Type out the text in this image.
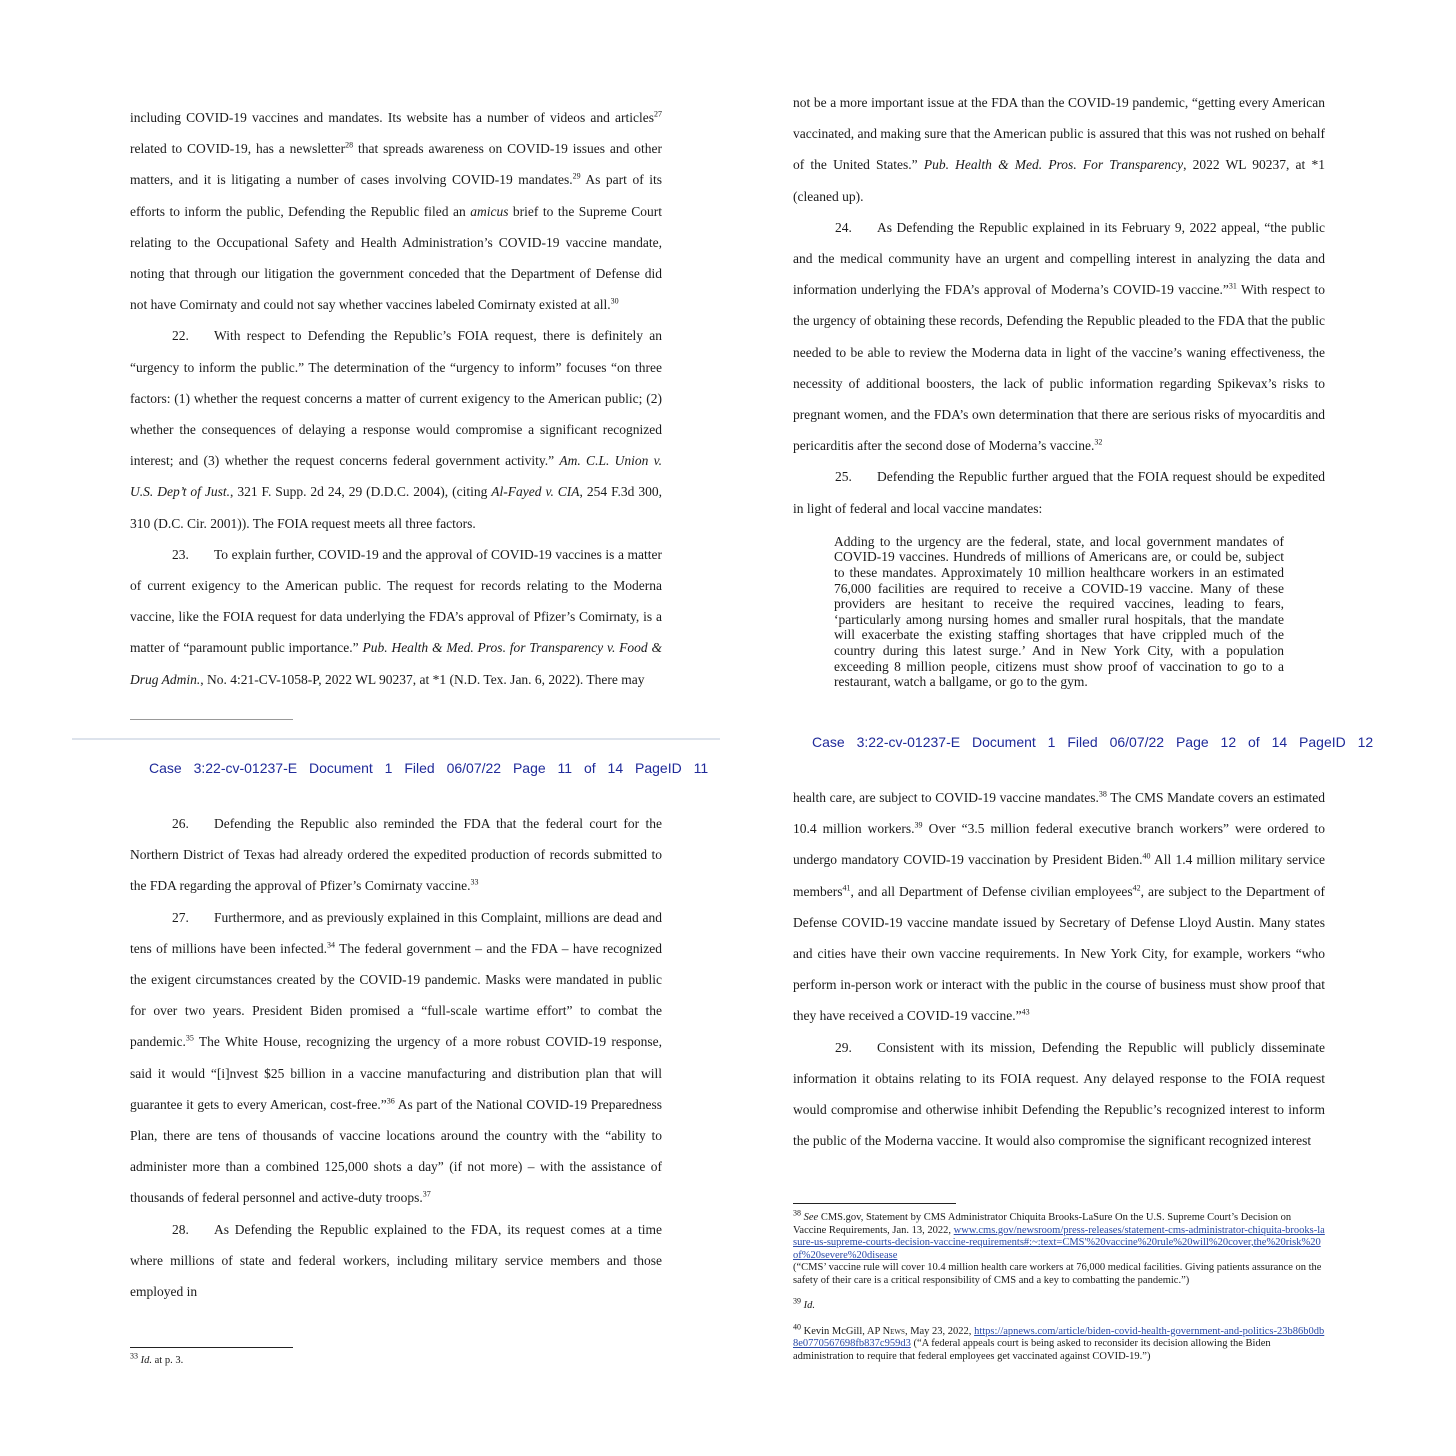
including COVID-19 vaccines and mandates. Its website has a number of videos and articles$^{27}$ related to COVID-19, has a newsletter$^{28}$ that spreads awareness on COVID-19 issues and other matters, and it is litigating a number of cases involving COVID-19 mandates.$^{29}$ As part of its efforts to inform the public, Defending the Republic filed an amicus brief to the Supreme Court relating to the Occupational Safety and Health Administration’s COVID-19 vaccine mandate, noting that through our litigation the government conceded that the Department of Defense did not have Comirnaty and could not say whether vaccines labeled Comirnaty existed at all.$^{30}$

22. With respect to Defending the Republic’s FOIA request, there is definitely an “urgency to inform the public.” The determination of the “urgency to inform” focuses “on three factors: (1) whether the request concerns a matter of current exigency to the American public; (2) whether the consequences of delaying a response would compromise a significant recognized interest; and (3) whether the request concerns federal government activity.” Am. C.L. Union v. U.S. Dep’t of Just., 321 F. Supp. 2d 24, 29 (D.D.C. 2004), (citing Al-Fayed v. CIA, 254 F.3d 300, 310 (D.C. Cir. 2001)). The FOIA request meets all three factors.

23. To explain further, COVID-19 and the approval of COVID-19 vaccines is a matter of current exigency to the American public. The request for records relating to the Moderna vaccine, like the FOIA request for data underlying the FDA’s approval of Pfizer’s Comirnaty, is a matter of “paramount public importance.” Pub. Health & Med. Pros. for Transparency v. Food & Drug Admin., No. 4:21-CV-1058-P, 2022 WL 90237, at *1 (N.D. Tex. Jan. 6, 2022). There may

not be a more important issue at the FDA than the COVID-19 pandemic, “getting every American vaccinated, and making sure that the American public is assured that this was not rushed on behalf of the United States.” Pub. Health & Med. Pros. For Transparency, 2022 WL 90237, at *1 (cleaned up).

24. As Defending the Republic explained in its February 9, 2022 appeal, “the public and the medical community have an urgent and compelling interest in analyzing the data and information underlying the FDA’s approval of Moderna’s COVID-19 vaccine.”$^{31}$ With respect to the urgency of obtaining these records, Defending the Republic pleaded to the FDA that the public needed to be able to review the Moderna data in light of the vaccine’s waning effectiveness, the necessity of additional boosters, the lack of public information regarding Spikevax’s risks to pregnant women, and the FDA’s own determination that there are serious risks of myocarditis and pericarditis after the second dose of Moderna’s vaccine.$^{32}$

25. Defending the Republic further argued that the FOIA request should be expedited in light of federal and local vaccine mandates:

Adding to the urgency are the federal, state, and local government mandates of COVID-19 vaccines. Hundreds of millions of Americans are, or could be, subject to these mandates. Approximately 10 million healthcare workers in an estimated 76,000 facilities are required to receive a COVID-19 vaccine. Many of these providers are hesitant to receive the required vaccines, leading to fears, ‘particularly among nursing homes and smaller rural hospitals, that the mandate will exacerbate the existing staffing shortages that have crippled much of the country during this latest surge.’ And in New York City, with a population exceeding 8 million people, citizens must show proof of vaccination to go to a restaurant, watch a ballgame, or go to the gym.

Case 3:22-cv-01237-E Document 1 Filed 06/07/22 Page 11 of 14 PageID 11
Case 3:22-cv-01237-E Document 1 Filed 06/07/22 Page 12 of 14 PageID 12

26. Defending the Republic also reminded the FDA that the federal court for the Northern District of Texas had already ordered the expedited production of records submitted to the FDA regarding the approval of Pfizer’s Comirnaty vaccine.$^{33}$

27. Furthermore, and as previously explained in this Complaint, millions are dead and tens of millions have been infected.$^{34}$ The federal government – and the FDA – have recognized the exigent circumstances created by the COVID-19 pandemic. Masks were mandated in public for over two years. President Biden promised a “full-scale wartime effort” to combat the pandemic.$^{35}$ The White House, recognizing the urgency of a more robust COVID-19 response, said it would “[i]nvest $25 billion in a vaccine manufacturing and distribution plan that will guarantee it gets to every American, cost-free.”$^{36}$ As part of the National COVID-19 Preparedness Plan, there are tens of thousands of vaccine locations around the country with the “ability to administer more than a combined 125,000 shots a day” (if not more) – with the assistance of thousands of federal personnel and active-duty troops.$^{37}$

28. As Defending the Republic explained to the FDA, its request comes at a time where millions of state and federal workers, including military service members and those employed in

$^{33}$ Id. at p. 3.

health care, are subject to COVID-19 vaccine mandates.$^{38}$ The CMS Mandate covers an estimated 10.4 million workers.$^{39}$ Over “3.5 million federal executive branch workers” were ordered to undergo mandatory COVID-19 vaccination by President Biden.$^{40}$ All 1.4 million military service members$^{41}$, and all Department of Defense civilian employees$^{42}$, are subject to the Department of Defense COVID-19 vaccine mandate issued by Secretary of Defense Lloyd Austin. Many states and cities have their own vaccine requirements. In New York City, for example, workers “who perform in-person work or interact with the public in the course of business must show proof that they have received a COVID-19 vaccine.”$^{43}$

29. Consistent with its mission, Defending the Republic will publicly disseminate information it obtains relating to its FOIA request. Any delayed response to the FOIA request would compromise and otherwise inhibit Defending the Republic’s recognized interest to inform the public of the Moderna vaccine. It would also compromise the significant recognized interest

$^{38}$ See CMS.gov, Statement by CMS Administrator Chiquita Brooks-LaSure On the U.S. Supreme Court’s Decision on Vaccine Requirements, Jan. 13, 2022, www.cms.gov/newsroom/press-releases/statement-cms-administrator-chiquita-brooks-lasure-us-supreme-courts-decision-vaccine-requirements#:~:text=CMS'%20vaccine%20rule%20will%20cover,the%20risk%20of%20severe%20disease
(“CMS’ vaccine rule will cover 10.4 million health care workers at 76,000 medical facilities. Giving patients assurance on the safety of their care is a critical responsibility of CMS and a key to combatting the pandemic.”)

$^{39}$ Id.

$^{40}$ Kevin McGill, AP News, May 23, 2022, https://apnews.com/article/biden-covid-health-government-and-politics-23b86b0db8e0770567698fb837c959d3 (“A federal appeals court is being asked to reconsider its decision allowing the Biden administration to require that federal employees get vaccinated against COVID-19.”)
